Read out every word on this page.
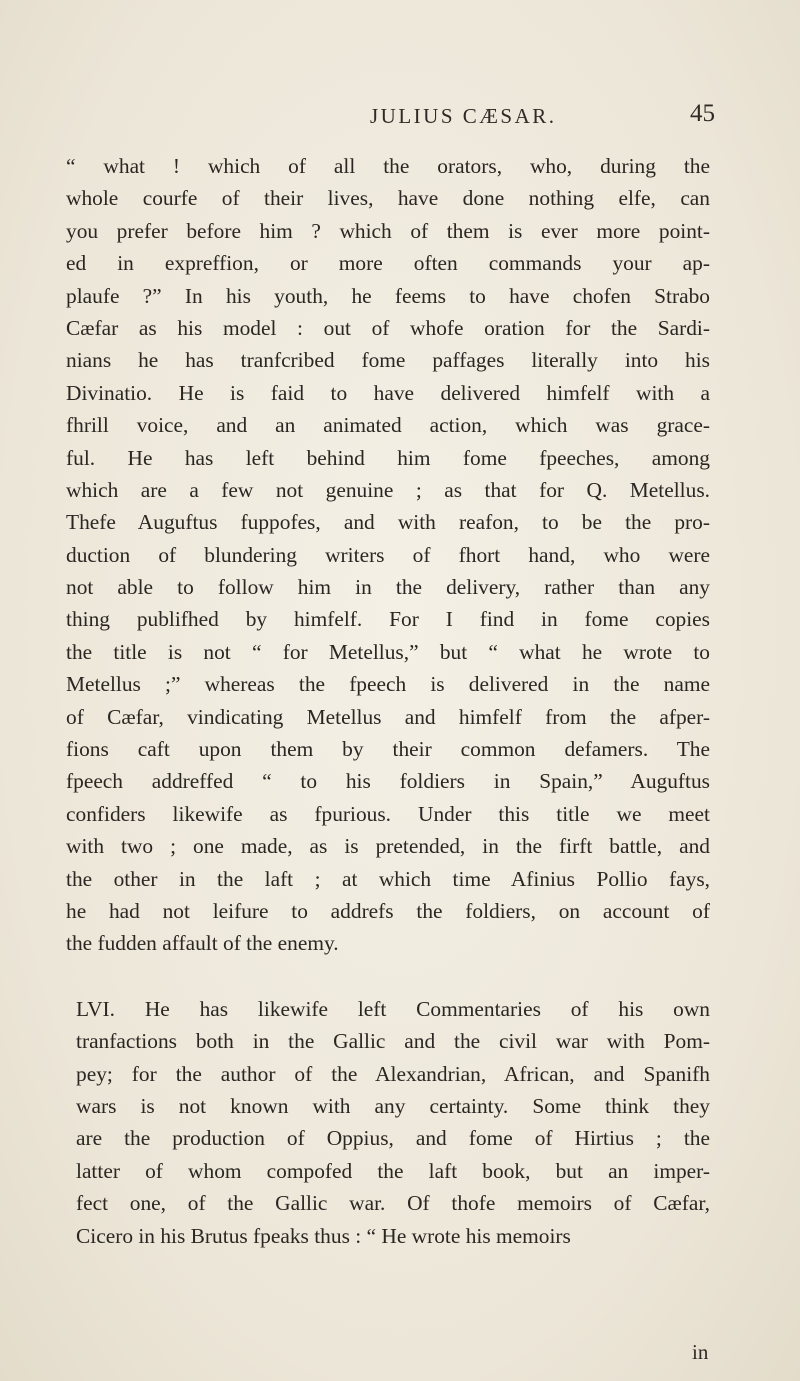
JULIUS CÆSAR.	45
“ what ! which of all the orators, who, during the
whole courfe of their lives, have done nothing elfe, can
you prefer before him ? which of them is ever more point-
ed in expreffion, or more often commands your ap-
plaufe ?” In his youth, he feems to have chofen Strabo
Cæfar as his model : out of whofe oration for the Sardi-
nians he has tranfcribed fome paffages literally into his
Divinatio. He is faid to have delivered himfelf with a
fhrill voice, and an animated action, which was grace-
ful. He has left behind him fome fpeeches, among
which are a few not genuine ; as that for Q. Metellus.
Thefe Auguftus fuppofes, and with reafon, to be the pro-
duction of blundering writers of fhort hand, who were
not able to follow him in the delivery, rather than any
thing publifhed by himfelf. For I find in fome copies
the title is not “ for Metellus,” but “ what he wrote to
Metellus ;” whereas the fpeech is delivered in the name
of Cæfar, vindicating Metellus and himfelf from the afper-
fions caft upon them by their common defamers. The
fpeech addreffed “ to his foldiers in Spain,” Auguftus
confiders likewife as fpurious. Under this title we meet
with two ; one made, as is pretended, in the firft battle, and
the other in the laft ; at which time Afinius Pollio fays,
he had not leifure to addrefs the foldiers, on account of
the fudden affault of the enemy.
LVI. He has likewife left Commentaries of his own
tranfactions both in the Gallic and the civil war with Pom-
pey; for the author of the Alexandrian, African, and Spanifh
wars is not known with any certainty. Some think they
are the production of Oppius, and fome of Hirtius ; the
latter of whom compofed the laft book, but an imper-
fect one, of the Gallic war. Of thofe memoirs of Cæfar,
Cicero in his Brutus fpeaks thus : “ He wrote his memoirs
in
